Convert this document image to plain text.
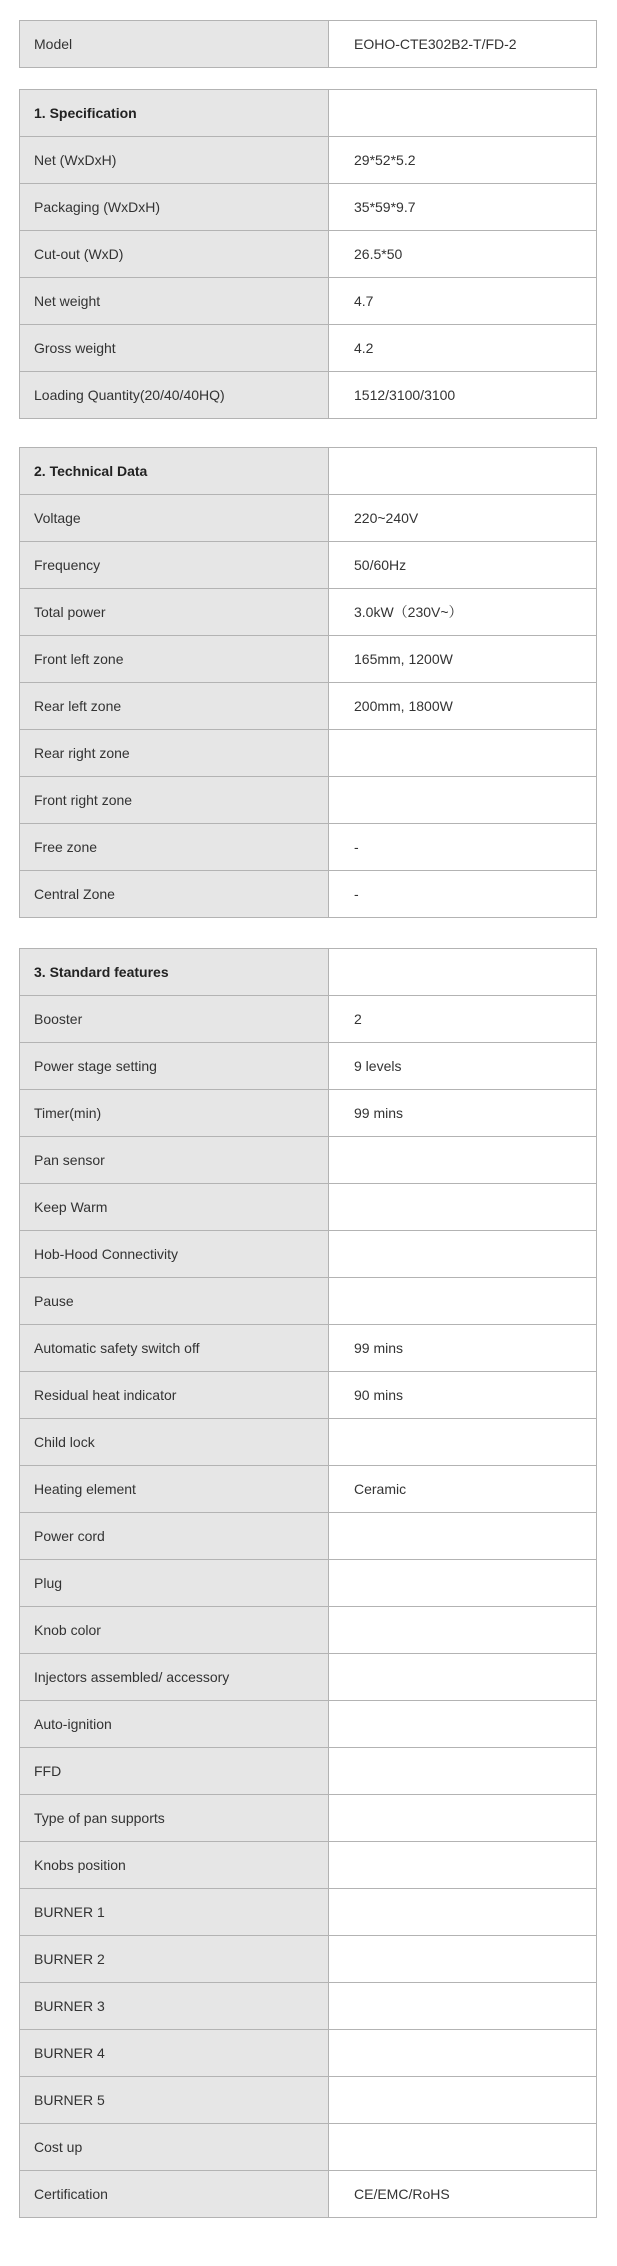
Model	EOHO-CTE302B2-T/FD-2
1. Specification	
Net (WxDxH)	29*52*5.2
Packaging (WxDxH)	35*59*9.7
Cut-out (WxD)	26.5*50
Net weight	4.7
Gross weight	4.2
Loading Quantity(20/40/40HQ)	1512/3100/3100
2. Technical Data	
Voltage	220~240V
Frequency	50/60Hz
Total power	3.0kW（230V~）
Front left zone	165mm, 1200W
Rear left zone	200mm, 1800W
Rear right zone	
Front right zone	
Free zone	-
Central Zone	-
3. Standard features	
Booster	2
Power stage setting	9 levels
Timer(min)	99 mins
Pan sensor	
Keep Warm	
Hob-Hood Connectivity	
Pause	
Automatic safety switch off	99 mins
Residual heat indicator	90 mins
Child lock	
Heating element	Ceramic
Power cord	
Plug	
Knob color	
Injectors assembled/ accessory	
Auto-ignition	
FFD	
Type of pan supports	
Knobs position	
BURNER 1	
BURNER 2	
BURNER 3	
BURNER 4	
BURNER 5	
Cost up	
Certification	CE/EMC/RoHS
